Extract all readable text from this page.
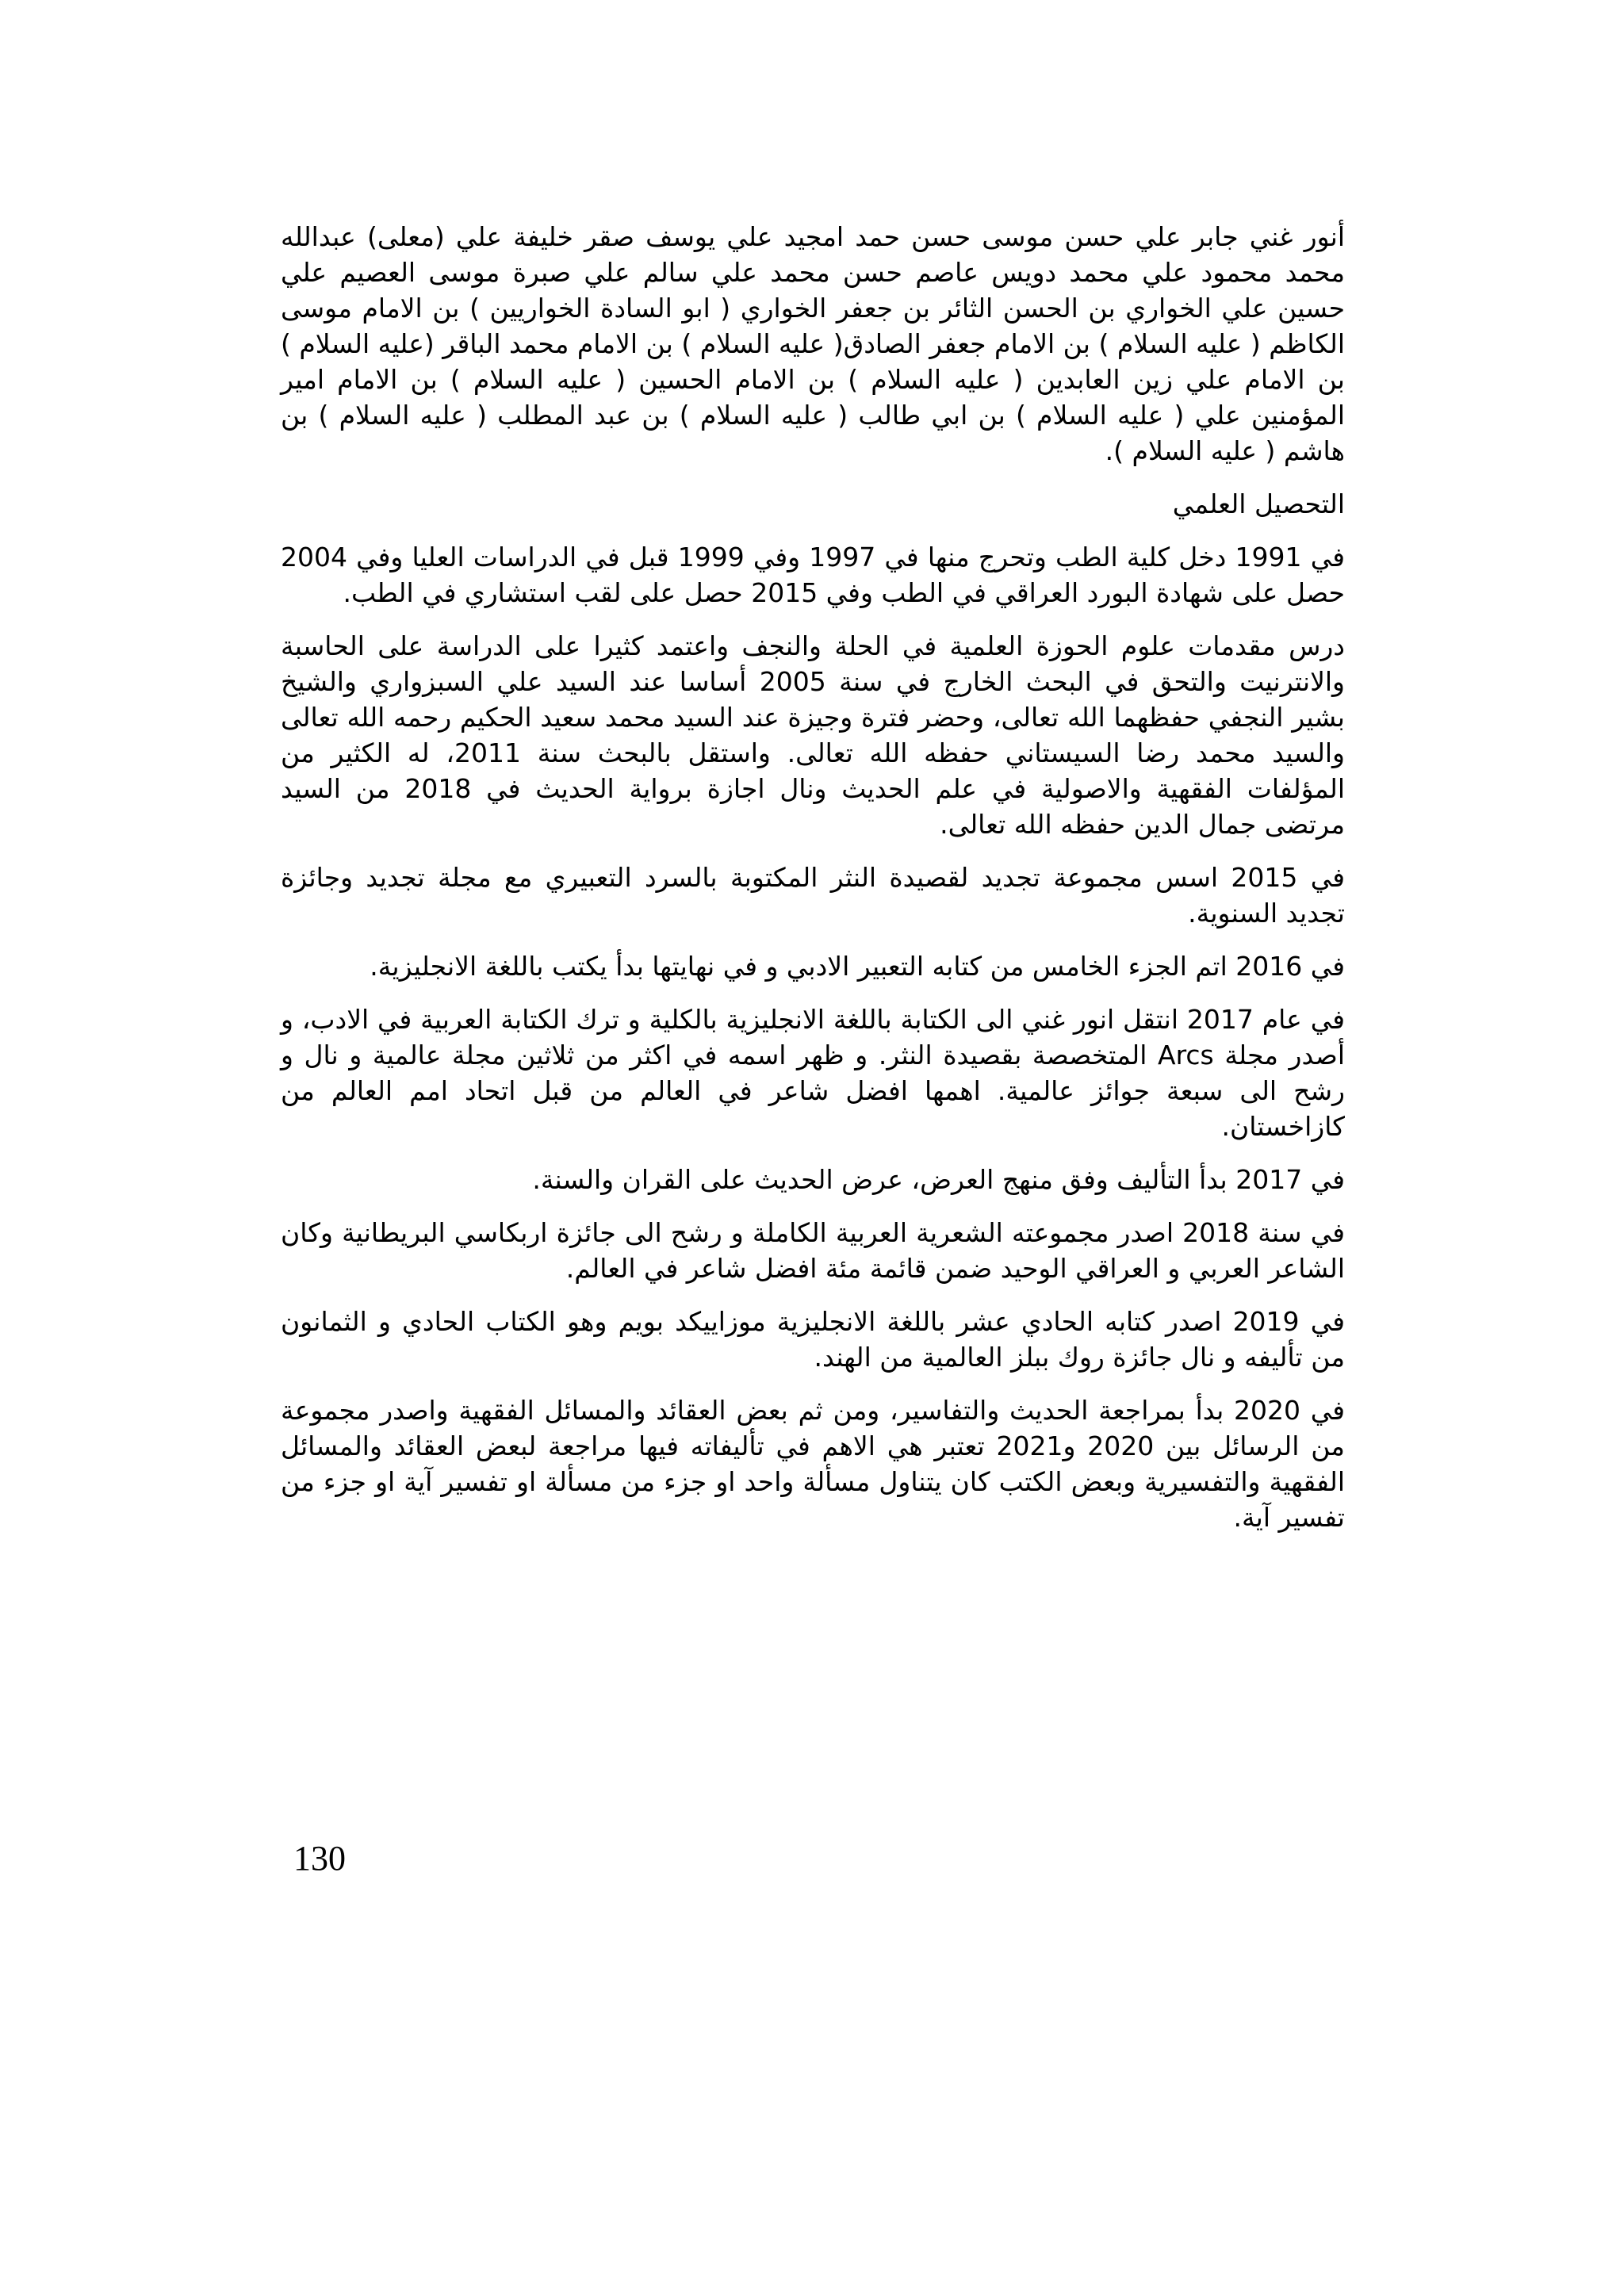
أنور غني جابر علي حسن موسى حسن حمد امجيد علي يوسف صقر خليفة علي (معلى) عبدالله محمد محمود علي محمد دويس عاصم حسن محمد علي سالم علي صبرة موسى العصيم علي حسين علي الخواري بن الحسن الثائر بن جعفر الخواري ( ابو السادة الخواريين ) بن الامام موسى الكاظم ( عليه السلام ) بن الامام جعفر الصادق( عليه السلام ) بن الامام محمد الباقر (عليه السلام ) بن الامام علي زين العابدين ( عليه السلام ) بن الامام الحسين ( عليه السلام ) بن الامام امير المؤمنين علي ( عليه السلام ) بن ابي طالب ( عليه السلام ) بن عبد المطلب ( عليه السلام ) بن هاشم ( عليه السلام ).

التحصيل العلمي

في 1991 دخل كلية الطب وتحرج منها في 1997 وفي 1999 قبل في الدراسات العليا وفي 2004 حصل على شهادة البورد العراقي في الطب وفي 2015 حصل على لقب استشاري في الطب.

درس مقدمات علوم الحوزة العلمية في الحلة والنجف واعتمد كثيرا على الدراسة على الحاسبة والانترنيت والتحق في البحث الخارج في سنة 2005 أساسا عند السيد علي السبزواري والشيخ بشير النجفي حفظهما الله تعالى، وحضر فترة وجيزة عند السيد محمد سعيد الحكيم رحمه الله تعالى والسيد محمد رضا السيستاني حفظه الله تعالى. واستقل بالبحث سنة 2011، له الكثير من المؤلفات الفقهية والاصولية في علم الحديث ونال اجازة برواية الحديث في 2018 من السيد مرتضى جمال الدين حفظه الله تعالى.

في 2015 اسس مجموعة تجديد لقصيدة النثر المكتوبة بالسرد التعبيري مع مجلة تجديد وجائزة تجديد السنوية.

في 2016 اتم الجزء الخامس من كتابه التعبير الادبي و في نهايتها بدأ يكتب باللغة الانجليزية.

في عام 2017 انتقل انور غني الى الكتابة باللغة الانجليزية بالكلية و ترك الكتابة العربية في الادب، و أصدر مجلة Arcs المتخصصة بقصيدة النثر. و ظهر اسمه في اكثر من ثلاثين مجلة عالمية و نال و رشح الى سبعة جوائز عالمية. اهمها افضل شاعر في العالم من قبل اتحاد امم العالم من كازاخستان.

في 2017 بدأ التأليف وفق منهج العرض، عرض الحديث على القران والسنة.

في سنة 2018 اصدر مجموعته الشعرية العربية الكاملة و رشح الى جائزة اربكاسي البريطانية وكان الشاعر العربي و العراقي الوحيد ضمن قائمة مئة افضل شاعر في العالم.

في 2019 اصدر كتابه الحادي عشر باللغة الانجليزية موزاييكد بويم وهو الكتاب الحادي و الثمانون من تأليفه و نال جائزة روك ببلز العالمية من الهند.

في 2020 بدأ بمراجعة الحديث والتفاسير، ومن ثم بعض العقائد والمسائل الفقهية واصدر مجموعة من الرسائل بين 2020 و2021 تعتبر هي الاهم في تأليفاته فيها مراجعة لبعض العقائد والمسائل الفقهية والتفسيرية وبعض الكتب كان يتناول مسألة واحد او جزء من مسألة او تفسير آية او جزء من تفسير آية.

130
